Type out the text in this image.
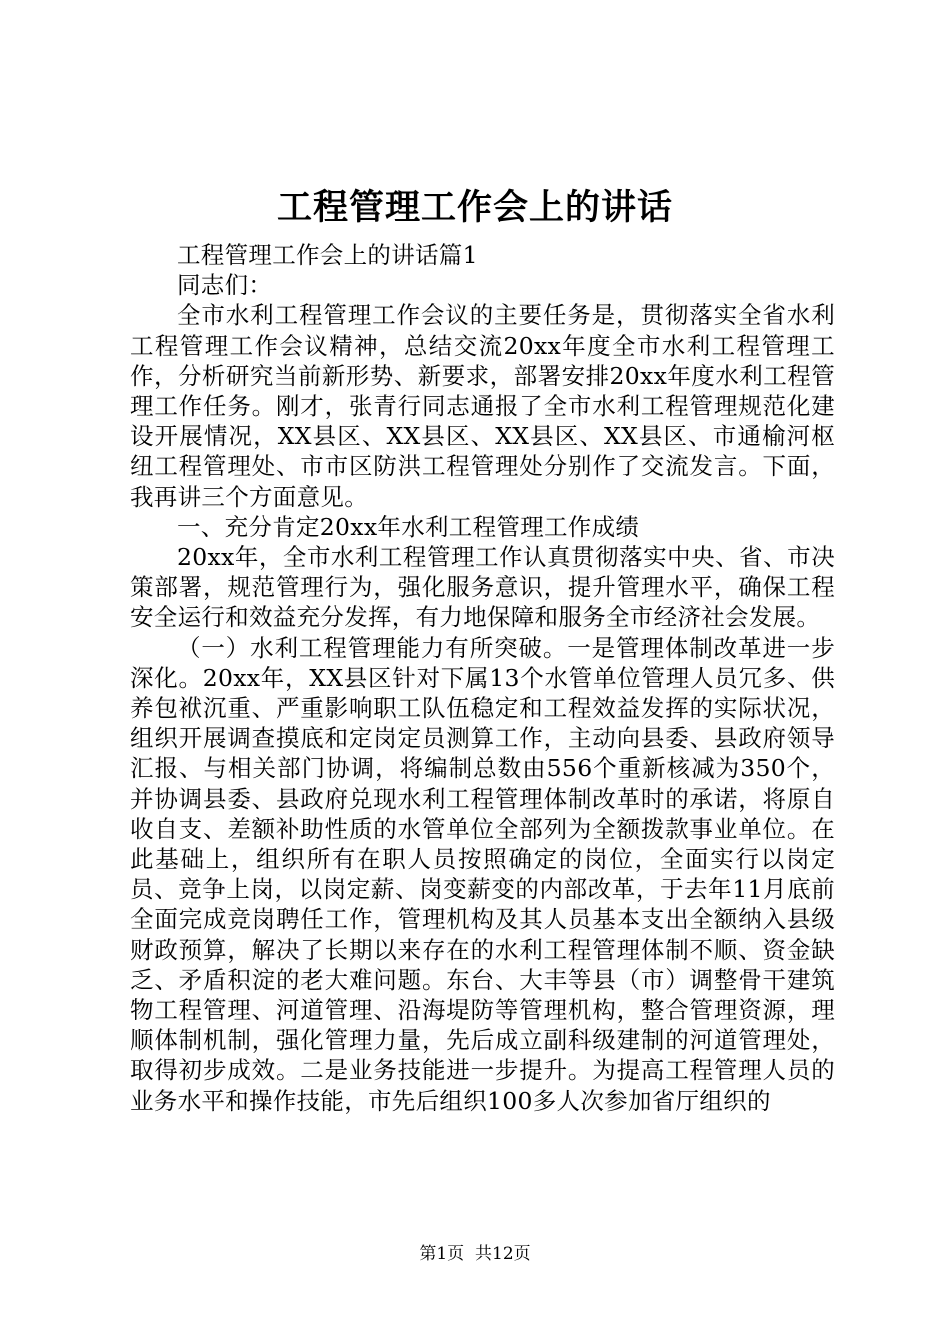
工程管理工作会上的讲话

工程管理工作会上的讲话篇1

同志们：

全市水利工程管理工作会议的主要任务是，贯彻落实全省水利工程管理工作会议精神，总结交流20xx年度全市水利工程管理工作，分析研究当前新形势、新要求，部署安排20xx年度水利工程管理工作任务。刚才，张青行同志通报了全市水利工程管理规范化建设开展情况，XX县区、XX县区、XX县区、XX县区、市通榆河枢纽工程管理处、市市区防洪工程管理处分别作了交流发言。下面，我再讲三个方面意见。

一、充分肯定20xx年水利工程管理工作成绩

20xx年，全市水利工程管理工作认真贯彻落实中央、省、市决策部署，规范管理行为，强化服务意识，提升管理水平，确保工程安全运行和效益充分发挥，有力地保障和服务全市经济社会发展。

（一）水利工程管理能力有所突破。一是管理体制改革进一步深化。20xx年，XX县区针对下属13个水管单位管理人员冗多、供养包袱沉重、严重影响职工队伍稳定和工程效益发挥的实际状况，组织开展调查摸底和定岗定员测算工作，主动向县委、县政府领导汇报、与相关部门协调，将编制总数由556个重新核减为350个，并协调县委、县政府兑现水利工程管理体制改革时的承诺，将原自收自支、差额补助性质的水管单位全部列为全额拨款事业单位。在此基础上，组织所有在职人员按照确定的岗位，全面实行以岗定员、竞争上岗，以岗定薪、岗变薪变的内部改革，于去年11月底前全面完成竞岗聘任工作，管理机构及其人员基本支出全额纳入县级财政预算，解决了长期以来存在的水利工程管理体制不顺、资金缺乏、矛盾积淀的老大难问题。东台、大丰等县（市）调整骨干建筑物工程管理、河道管理、沿海堤防等管理机构，整合管理资源，理顺体制机制，强化管理力量，先后成立副科级建制的河道管理处，取得初步成效。二是业务技能进一步提升。为提高工程管理人员的业务水平和操作技能，市先后组织100多人次参加省厅组织的

第1页 共12页
